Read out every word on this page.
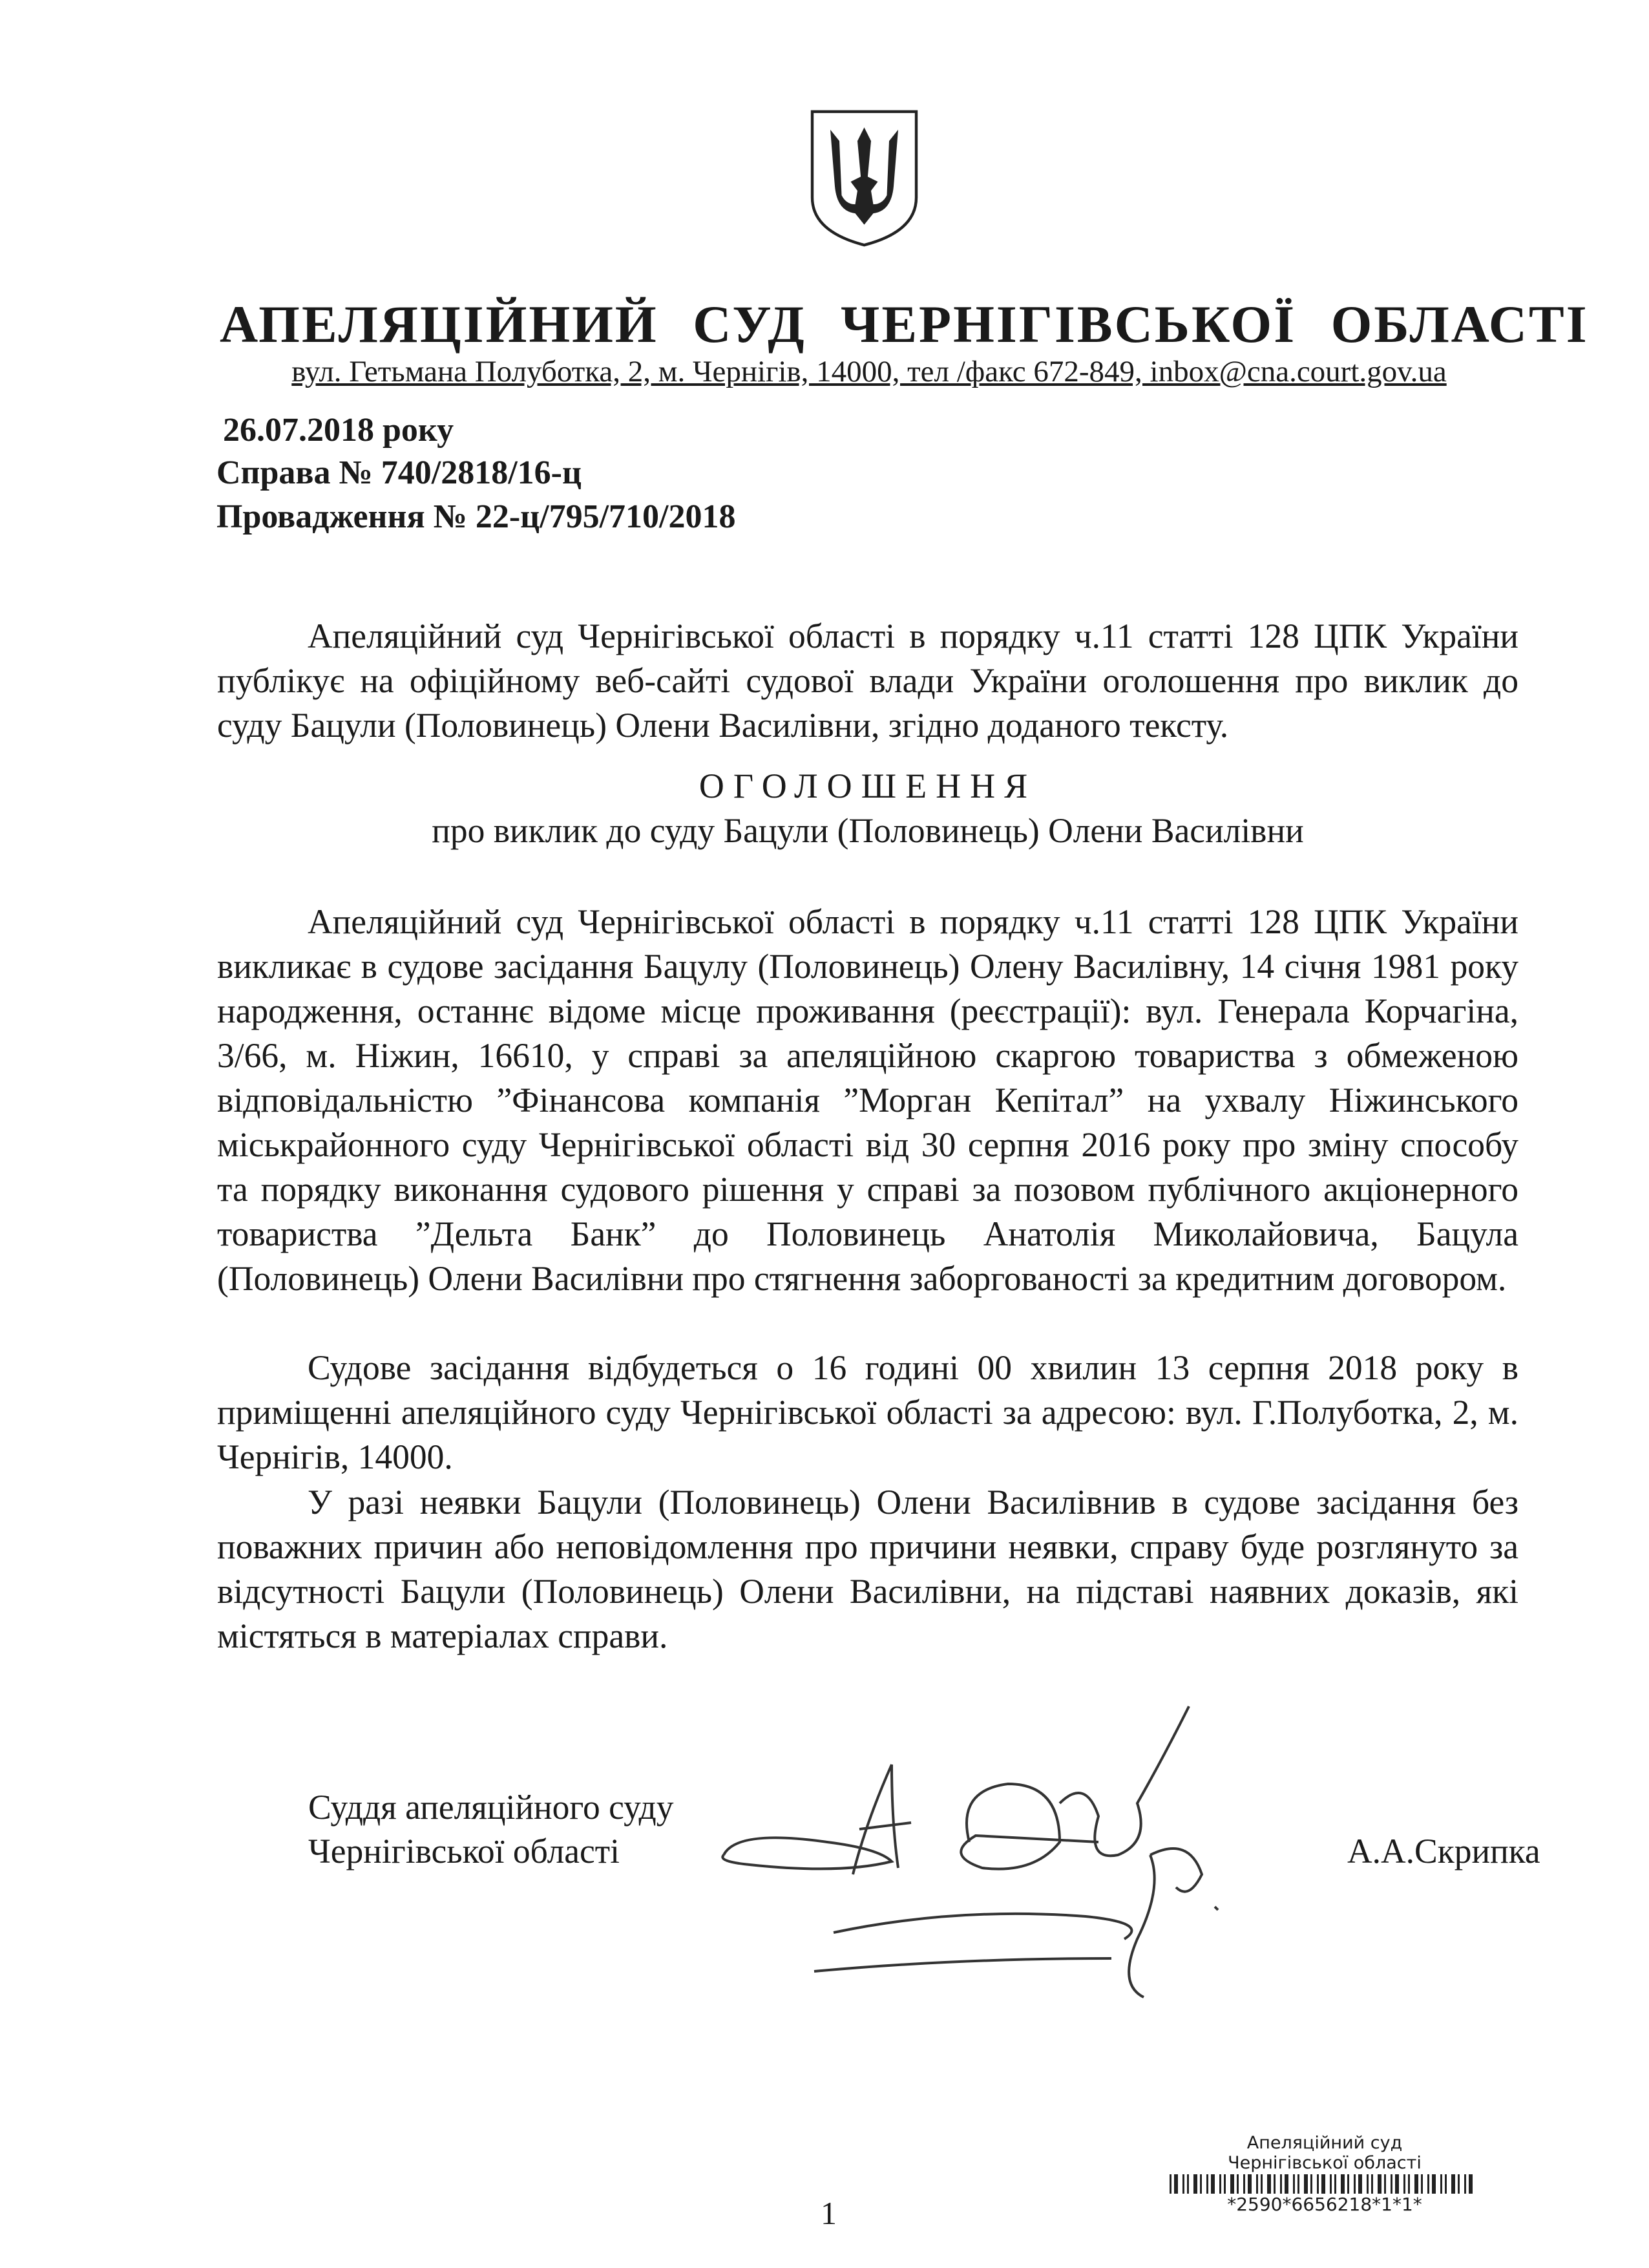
АПЕЛЯЦІЙНИЙ СУД ЧЕРНІГІВСЬКОЇ ОБЛАСТІ
вул. Гетьмана Полуботка, 2, м. Чернігів, 14000, тел /факс 672-849, inbox@cna.court.gov.ua
26.07.2018 року
Справа № 740/2818/16-ц
Провадження № 22-ц/795/710/2018
Апеляційний суд Чернігівської області в порядку ч.11 статті 128 ЦПК України публікує на офіційному веб-сайті судової влади України оголошення про виклик до суду Бацули (Половинець) Олени Василівни, згідно доданого тексту.
ОГОЛОШЕННЯ
про виклик до суду Бацули (Половинець) Олени Василівни
Апеляційний суд Чернігівської області в порядку ч.11 статті 128 ЦПК України викликає в судове засідання Бацулу (Половинець) Олену Василівну, 14 січня 1981 року народження, останнє відоме місце проживання (реєстрації): вул. Генерала Корчагіна, 3/66, м. Ніжин, 16610, у справі за апеляційною скаргою товариства з обмеженою відповідальністю ”Фінансова компанія ”Морган Кепітал” на ухвалу Ніжинського міськрайонного суду Чернігівської області від 30 серпня 2016 року про зміну способу та порядку виконання судового рішення у справі за позовом публічного акціонерного товариства ”Дельта Банк” до Половинець Анатолія Миколайовича, Бацула (Половинець) Олени Василівни про стягнення заборгованості за кредитним договором.
Судове засідання відбудеться о 16 годині 00 хвилин 13 серпня 2018 року в приміщенні апеляційного суду Чернігівської області за адресою: вул. Г.Полуботка, 2, м. Чернігів, 14000.
У разі неявки Бацули (Половинець) Олени Василівнив в судове засідання без поважних причин або неповідомлення про причини неявки, справу буде розглянуто за відсутності Бацули (Половинець) Олени Василівни, на підставі наявних доказів, які містяться в матеріалах справи.
Суддя апеляційного суду
Чернігівської області	А.А.Скрипка
1
Апеляційний суд
Чернігівської області
*2590*6656218*1*1*
